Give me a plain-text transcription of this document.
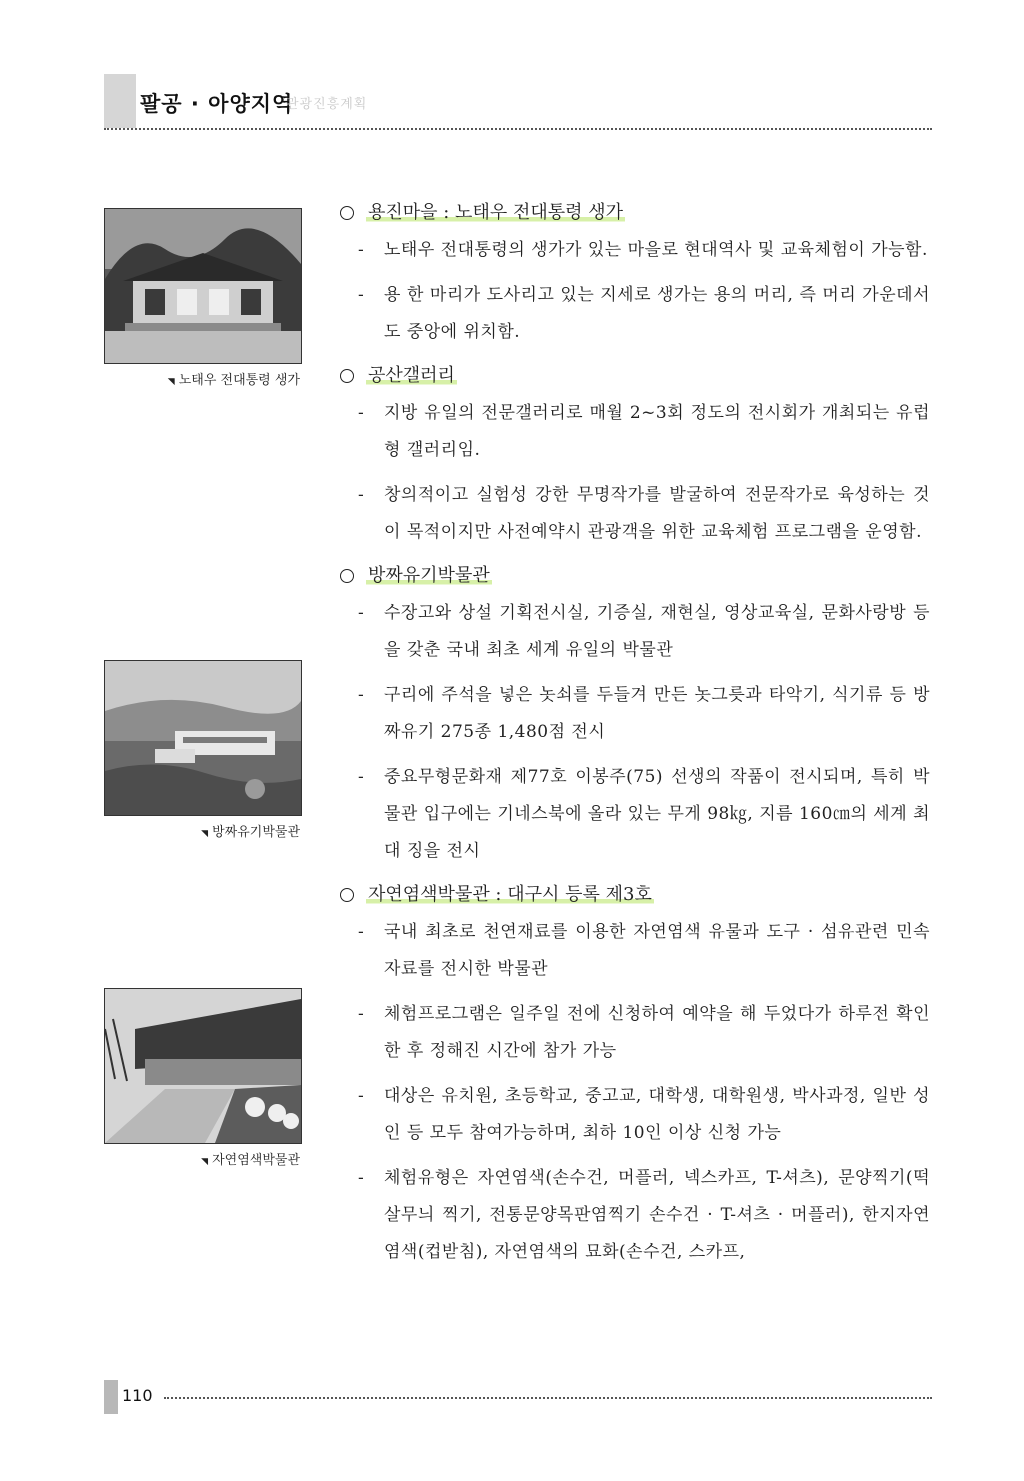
팔공 · 아양지역
관광진흥계획
◥ 노태우 전대통령 생가
◥ 방짜유기박물관
◥ 자연염색박물관
용진마을 : 노태우 전대통령 생가
- 노태우 전대통령의 생가가 있는 마을로 현대역사 및 교육체험이 가능함.
- 용 한 마리가 도사리고 있는 지세로 생가는 용의 머리, 즉 머리 가운데서도 중앙에 위치함.
공산갤러리
- 지방 유일의 전문갤러리로 매월 2~3회 정도의 전시회가 개최되는 유럽형 갤러리임.
- 창의적이고 실험성 강한 무명작가를 발굴하여 전문작가로 육성하는 것이 목적이지만 사전예약시 관광객을 위한 교육체험 프로그램을 운영함.
방짜유기박물관
- 수장고와 상설 기획전시실, 기증실, 재현실, 영상교육실, 문화사랑방 등을 갖춘 국내 최초 세계 유일의 박물관
- 구리에 주석을 넣은 놋쇠를 두들겨 만든 놋그릇과 타악기, 식기류 등 방짜유기 275종 1,480점 전시
- 중요무형문화재 제77호 이봉주(75) 선생의 작품이 전시되며, 특히 박물관 입구에는 기네스북에 올라 있는 무게 98㎏, 지름 160㎝의 세계 최대 징을 전시
자연염색박물관 : 대구시 등록 제3호
- 국내 최초로 천연재료를 이용한 자연염색 유물과 도구 · 섬유관련 민속자료를 전시한 박물관
- 체험프로그램은 일주일 전에 신청하여 예약을 해 두었다가 하루전 확인한 후 정해진 시간에 참가 가능
- 대상은 유치원, 초등학교, 중고교, 대학생, 대학원생, 박사과정, 일반 성인 등 모두 참여가능하며, 최하 10인 이상 신청 가능
- 체험유형은 자연염색(손수건, 머플러, 넥스카프, T-셔츠), 문양찍기(떡살무늬 찍기, 전통문양목판염찍기 손수건 · T-셔츠 · 머플러), 한지자연염색(컵받침), 자연염색의 묘화(손수건, 스카프,
110
